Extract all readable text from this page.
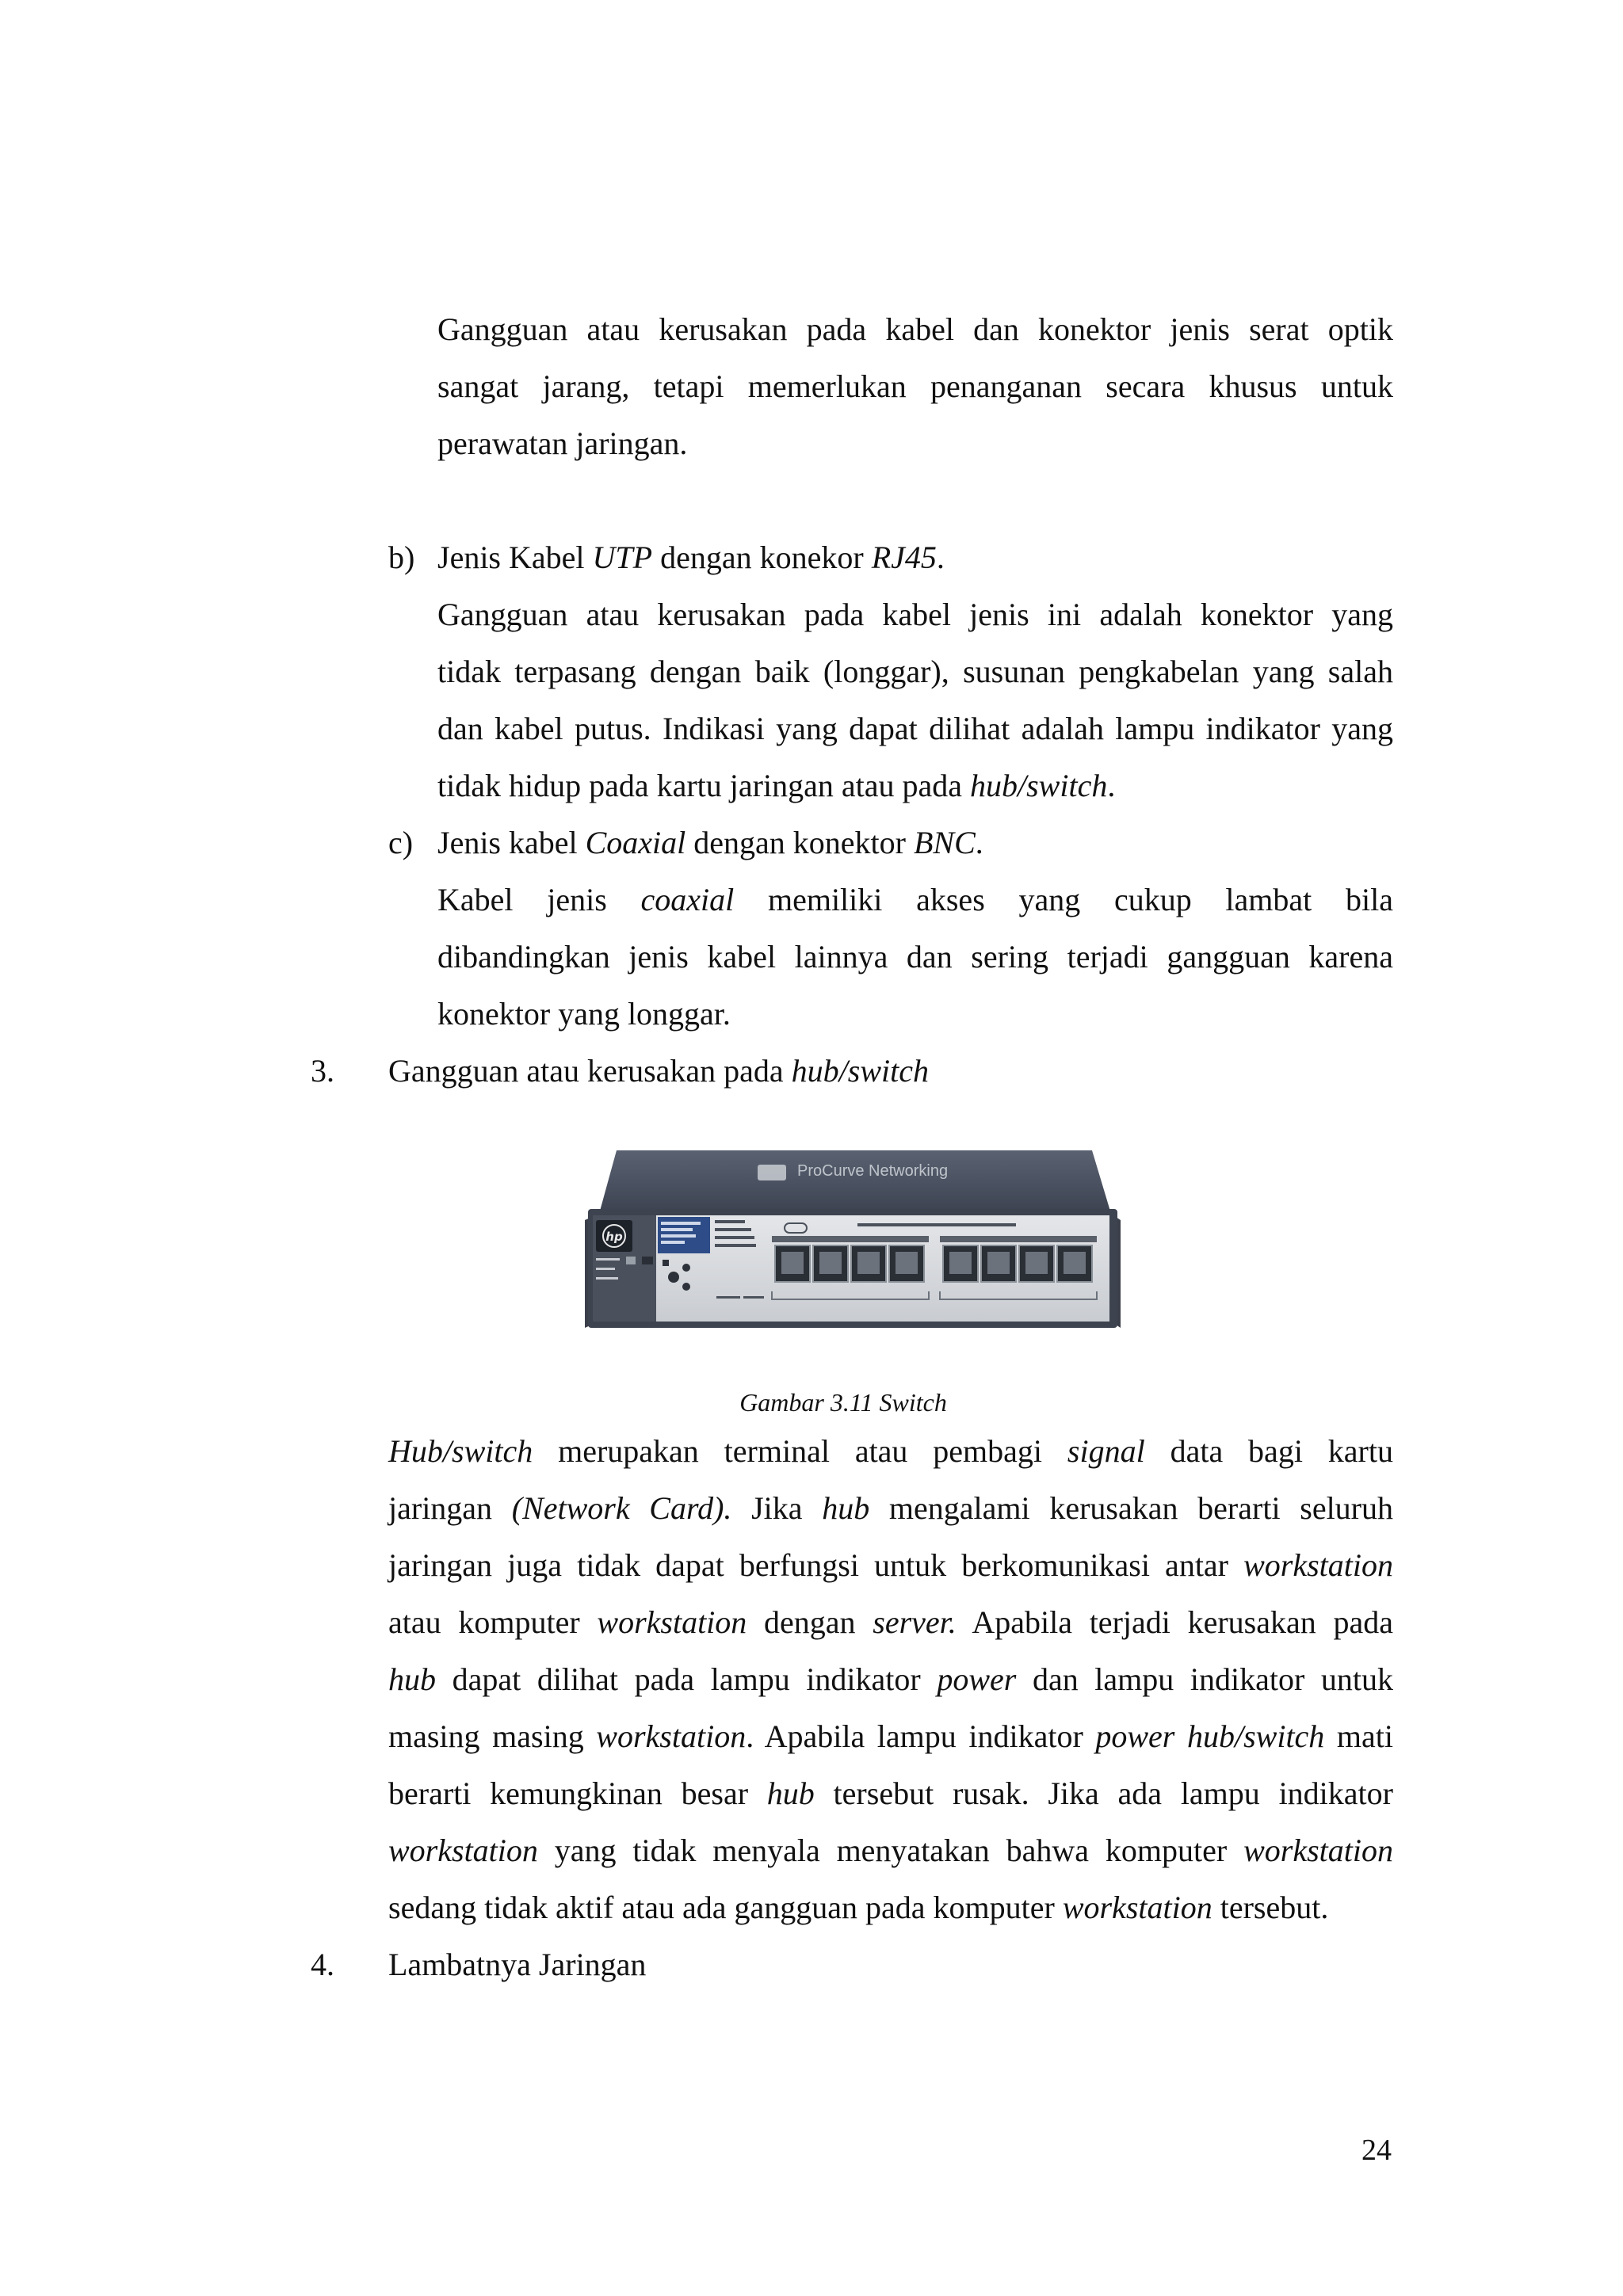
Gangguan atau kerusakan pada kabel dan konektor jenis serat optik
sangat jarang, tetapi memerlukan penanganan secara khusus untuk
perawatan jaringan.
b) Jenis Kabel UTP dengan konekor RJ45.
Gangguan atau kerusakan pada kabel jenis ini adalah konektor yang
tidak terpasang dengan baik (longgar), susunan pengkabelan yang salah
dan kabel putus. Indikasi yang dapat dilihat adalah lampu indikator yang
tidak hidup pada kartu jaringan atau pada hub/switch.
c) Jenis kabel Coaxial dengan konektor BNC.
Kabel jenis coaxial memiliki akses yang cukup lambat bila
dibandingkan jenis kabel lainnya dan sering terjadi gangguan karena
konektor yang longgar.
3. Gangguan atau kerusakan pada hub/switch
hp
ProCurve Networking
Gambar 3.11 Switch
Hub/switch merupakan terminal atau pembagi signal data bagi kartu
jaringan (Network Card). Jika hub mengalami kerusakan berarti seluruh
jaringan juga tidak dapat berfungsi untuk berkomunikasi antar workstation
atau komputer workstation dengan server. Apabila terjadi kerusakan pada
hub dapat dilihat pada lampu indikator power dan lampu indikator untuk
masing masing workstation. Apabila lampu indikator power hub/switch mati
berarti kemungkinan besar hub tersebut rusak. Jika ada lampu indikator
workstation yang tidak menyala menyatakan bahwa komputer workstation
sedang tidak aktif atau ada gangguan pada komputer workstation tersebut.
4. Lambatnya Jaringan
24
